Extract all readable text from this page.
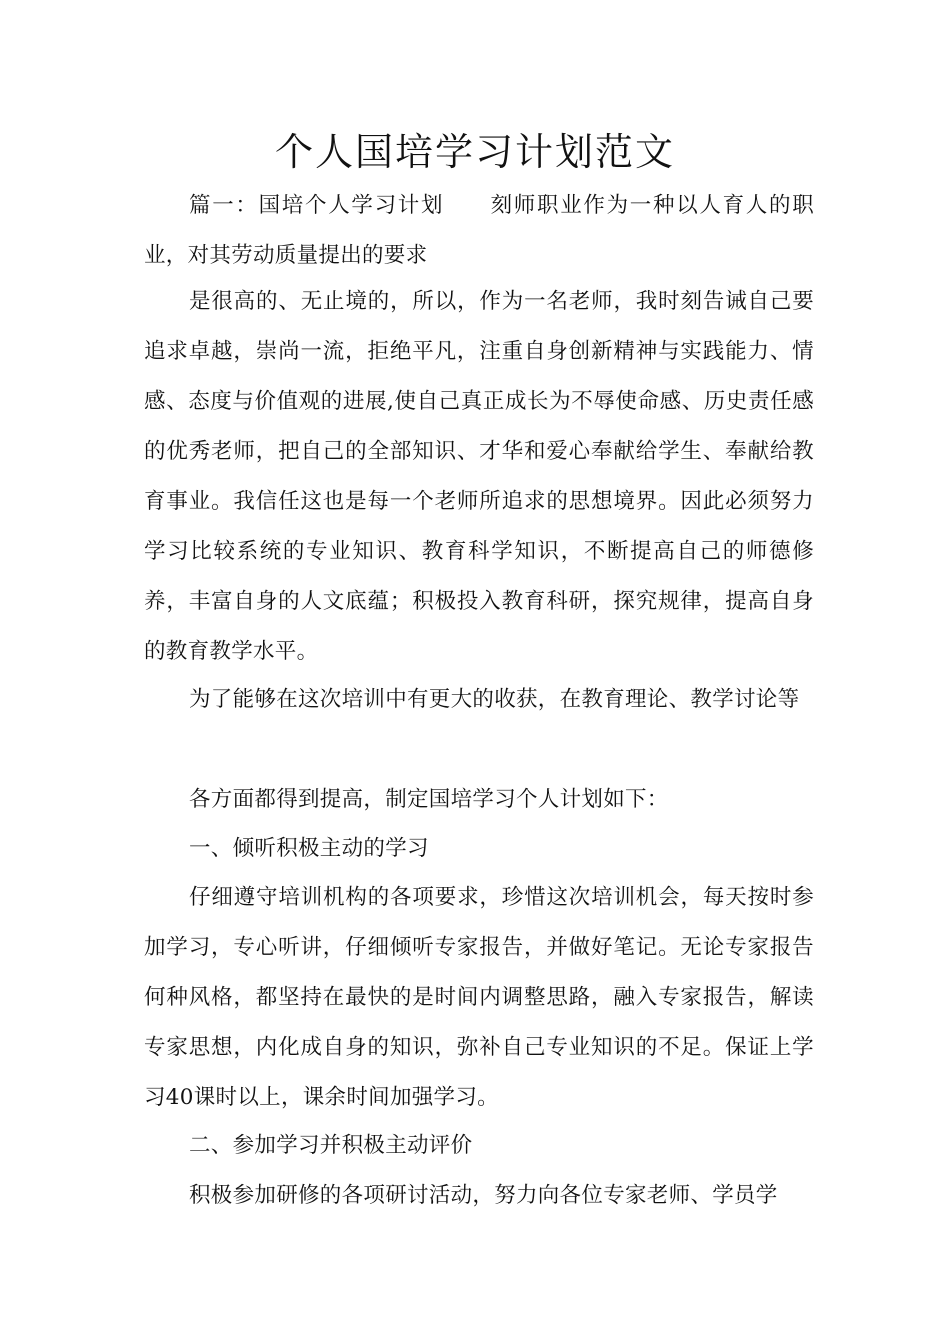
个人国培学习计划范文

篇一：国培个人学习计划　　刻师职业作为一种以人育人的职业，对其劳动质量提出的要求

是很高的、无止境的，所以，作为一名老师，我时刻告诫自己要追求卓越，崇尚一流，拒绝平凡，注重自身创新精神与实践能力、情感、态度与价值观的进展,使自己真正成长为不辱使命感、历史责任感的优秀老师，把自己的全部知识、才华和爱心奉献给学生、奉献给教育事业。我信任这也是每一个老师所追求的思想境界。因此必须努力学习比较系统的专业知识、教育科学知识，不断提高自己的师德修养，丰富自身的人文底蕴；积极投入教育科研，探究规律，提高自身的教育教学水平。

为了能够在这次培训中有更大的收获，在教育理论、教学讨论等

各方面都得到提高，制定国培学习个人计划如下：

一、倾听积极主动的学习

仔细遵守培训机构的各项要求，珍惜这次培训机会，每天按时参加学习，专心听讲，仔细倾听专家报告，并做好笔记。无论专家报告何种风格，都坚持在最快的是时间内调整思路，融入专家报告，解读专家思想，内化成自身的知识，弥补自己专业知识的不足。保证上学习40课时以上，课余时间加强学习。

二、参加学习并积极主动评价

积极参加研修的各项研讨活动，努力向各位专家老师、学员学
